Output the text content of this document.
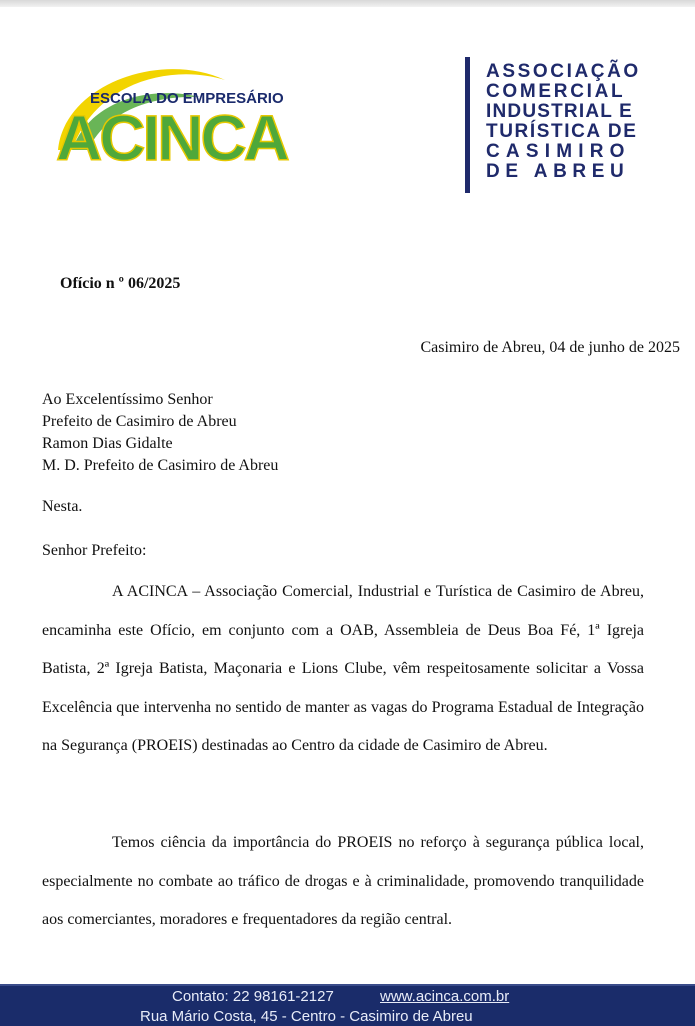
ESCOLA DO EMPRESÁRIO
ACINCA
ASSOCIAÇÃO
COMERCIAL
INDUSTRIAL E
TURÍSTICA DE
CASIMIRO
DE ABREU
Ofício n º 06/2025
Casimiro de Abreu, 04 de junho de 2025
Ao Excelentíssimo Senhor
Prefeito de Casimiro de Abreu
Ramon Dias Gidalte
M. D. Prefeito de Casimiro de Abreu
Nesta.
Senhor Prefeito:

A ACINCA – Associação Comercial, Industrial e Turística de Casimiro de Abreu, encaminha este Ofício, em conjunto com a OAB, Assembleia de Deus Boa Fé, 1ª Igreja Batista, 2ª Igreja Batista, Maçonaria e Lions Clube, vêm respeitosamente solicitar a Vossa Excelência que intervenha no sentido de manter as vagas do Programa Estadual de Integração na Segurança (PROEIS) destinadas ao Centro da cidade de Casimiro de Abreu.

Temos ciência da importância do PROEIS no reforço à segurança pública local, especialmente no combate ao tráfico de drogas e à criminalidade, promovendo tranquilidade aos comerciantes, moradores e frequentadores da região central.

Contato: 22 98161-2127	www.acinca.com.br
Rua Mário Costa, 45 - Centro - Casimiro de Abreu
